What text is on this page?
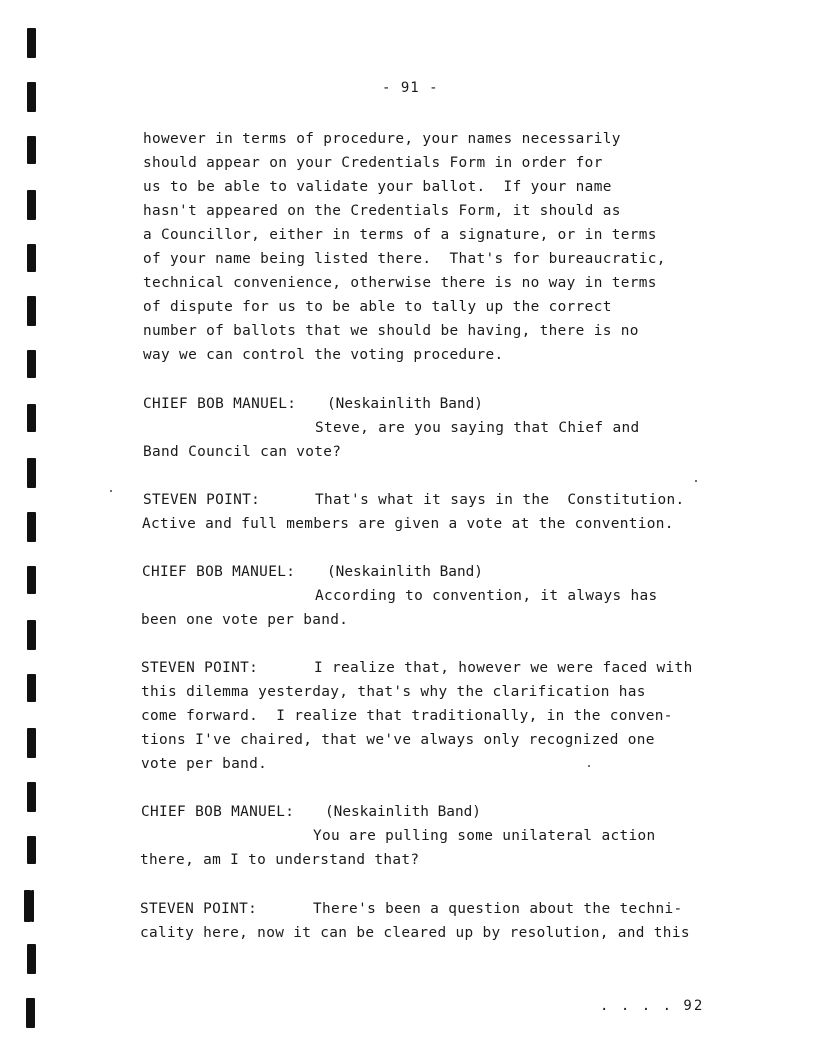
- 91 -
however in terms of procedure, your names necessarily
should appear on your Credentials Form in order for
us to be able to validate your ballot.  If your name
hasn't appeared on the Credentials Form, it should as
a Councillor, either in terms of a signature, or in terms
of your name being listed there.  That's for bureaucratic,
technical convenience, otherwise there is no way in terms
of dispute for us to be able to tally up the correct
number of ballots that we should be having, there is no
way we can control the voting procedure.
CHIEF BOB MANUEL: (Neskainlith Band)
Steve, are you saying that Chief and
Band Council can vote?
STEVEN POINT:	That's what it says in the  Constitution.
Active and full members are given a vote at the convention.
CHIEF BOB MANUEL: (Neskainlith Band)
According to convention, it always has
been one vote per band.
STEVEN POINT:	I realize that, however we were faced with
this dilemma yesterday, that's why the clarification has
come forward.  I realize that traditionally, in the conven-
tions I've chaired, that we've always only recognized one
vote per band.
CHIEF BOB MANUEL: (Neskainlith Band)
You are pulling some unilateral action
there, am I to understand that?
STEVEN POINT:	There's been a question about the techni-
cality here, now it can be cleared up by resolution, and this
. . . . 92
